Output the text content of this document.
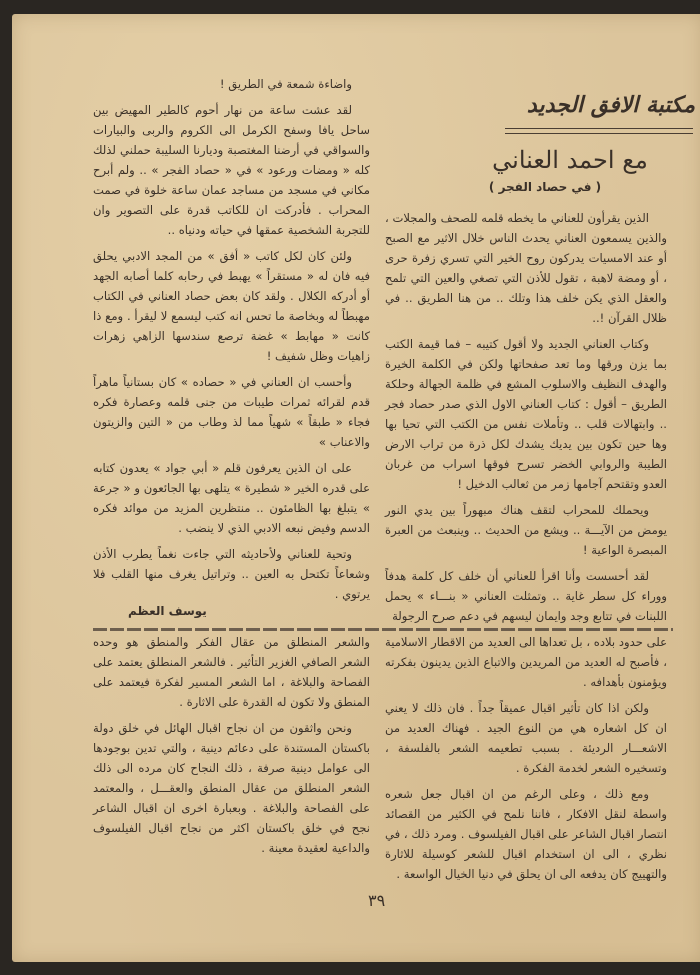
مكتبة الافق الجديد
مع احمد العناني
( في حصاد الفجر )

الذين يقرأون للعناني ما يخطه قلمه للصحف والمجلات ، والذين يسمعون العناني يحدث الناس خلال الاثير مع الصبح أو عند الامسيات يدركون روح الخير التي تسري زفرة حرى ، أو ومضة لاهبة ، تقول للأذن التي تصغي والعين التي تلمح والعقل الذي يكن خلف هذا وتلك .. من هنا الطريق .. في ظلال القرآن !..

وكتاب العناني الجديد ولا أقول كتيبه – فما قيمة الكتب بما يزن ورقها وما تعد صفحاتها ولكن في الكلمة الخيرة والهدف النظيف والاسلوب المشع في ظلمة الجهالة وحلكة الطريق – أقول : كتاب العناني الاول الذي صدر حصاد فجر .. وابتهالات قلب .. وتأملات نفس من الكتب التي تحيا بها وها حين تكون بين يديك يشدك لكل ذرة من تراب الارض الطيبة والروابي الخضر تسرح فوقها اسراب من غربان العدو وتقتحم آجامها زمر من ثعالب الدخيل !

ويحملك للمحراب لتقف هناك مبهوراً بين يدي النور يومض من الآيـــة .. ويشع من الحديث .. وينبعث من العبرة المبصرة الواعية !

لقد أحسست وأنا اقرأ للعناني أن خلف كل كلمة هدفاً ووراء كل سطر غاية .. وتمثلت العناني « بنـــاء » يحمل اللبنات في تتابع وجد وايمان ليسهم في دعم صرح الرجولة

واضاءة شمعة في الطريق !

لقد عشت ساعة من نهار أحوم كالطير المهيض بين ساحل يافا وسفح الكرمل الى الكروم والربى والبيارات والسواقي في أرضنا المغتصبة وديارنا السليبة حملني لذلك كله « ومضات ورعود » في « حصاد الفجر » .. ولم أبرح مكاني في مسجد من مساجد عمان ساعة خلوة في صمت المحراب . فأدركت ان للكاتب قدرة على التصوير وان للتجربة الشخصية عمقها في حياته ودنياه ..

ولئن كان لكل كاتب « أفق » من المجد الادبي يحلق فيه فان له « مستقراً » يهبط في رحابه كلما أصابه الجهد أو أدركه الكلال . ولقد كان بعض حصاد العناني في الكتاب مهبطاً له وبخاصة ما تحس انه كتب ليسمع لا ليقرأ . ومع ذا كانت « مهابط » غضة ترصع سندسها الزاهي زهرات زاهيات وظل شفيف !

وأحسب ان العناني في « حصاده » كان بستانياً ماهراً قدم لقرائه ثمرات طيبات من جنى قلمه وعصارة فكره فجاء « طبقاً » شهياً مما لذ وطاب من « التين والزيتون والاعناب »

على ان الذين يعرفون قلم « أبي جواد » يعدون كتابه على قدره الخير « شطيرة » يتلهى بها الجائعون و « جرعة » يتبلغ بها الظامئون .. منتظرين المزيد من موائد فكره الدسم وفيض نبعه الادبي الذي لا ينضب .

وتحية للعناني ولأحاديثه التي جاءت نغماً يطرب الأذن وشعاعاً تكتحل به العين .. وتراتيل يغرف منها القلب فلا يرتوي .

يوسف العظم

على حدود بلاده ، بل تعداها الى العديد من الاقطار الاسلامية ، فأصبح له العديد من المريدين والاتباع الذين يدينون بفكرته ويؤمنون بأهدافه .

ولكن اذا كان تأثير اقبال عميقاً جداً . فان ذلك لا يعني ان كل اشعاره هي من النوع الجيد . فهناك العديد من الاشعـــار الرديئة . بسبب تطعيمه الشعر بالفلسفة ، وتسخيره الشعر لخدمة الفكرة .

ومع ذلك ، وعلى الرغم من ان اقبال جعل شعره واسطة لنقل الافكار ، فاننا نلمح في الكثير من القصائد انتصار اقبال الشاعر على اقبال الفيلسوف . ومرد ذلك ، في نظري ، الى ان استخدام اقبال للشعر كوسيلة للاثارة والتهييج كان يدفعه الى ان يحلق في دنيا الخيال الواسعة .

والشعر المنطلق من عقال الفكر والمنطق هو وحده الشعر الصافي الغزير التأثير . فالشعر المنطلق يعتمد على الفصاحة والبلاغة ، اما الشعر المسير لفكرة فيعتمد على المنطق ولا تكون له القدرة على الاثارة .

ونحن واثقون من ان نجاح اقبال الهائل في خلق دولة باكستان المستندة على دعائم دينية ، والتي تدين بوجودها الى عوامل دينية صرفة ، ذلك النجاح كان مرده الى ذلك الشعر المنطلق من عقال المنطق والعقـــل ، والمعتمد على الفصاحة والبلاغة . وبعبارة اخرى ان اقبال الشاعر نجح في خلق باكستان اكثر من نجاح اقبال الفيلسوف والداعية لعقيدة معينة .

٣٩
